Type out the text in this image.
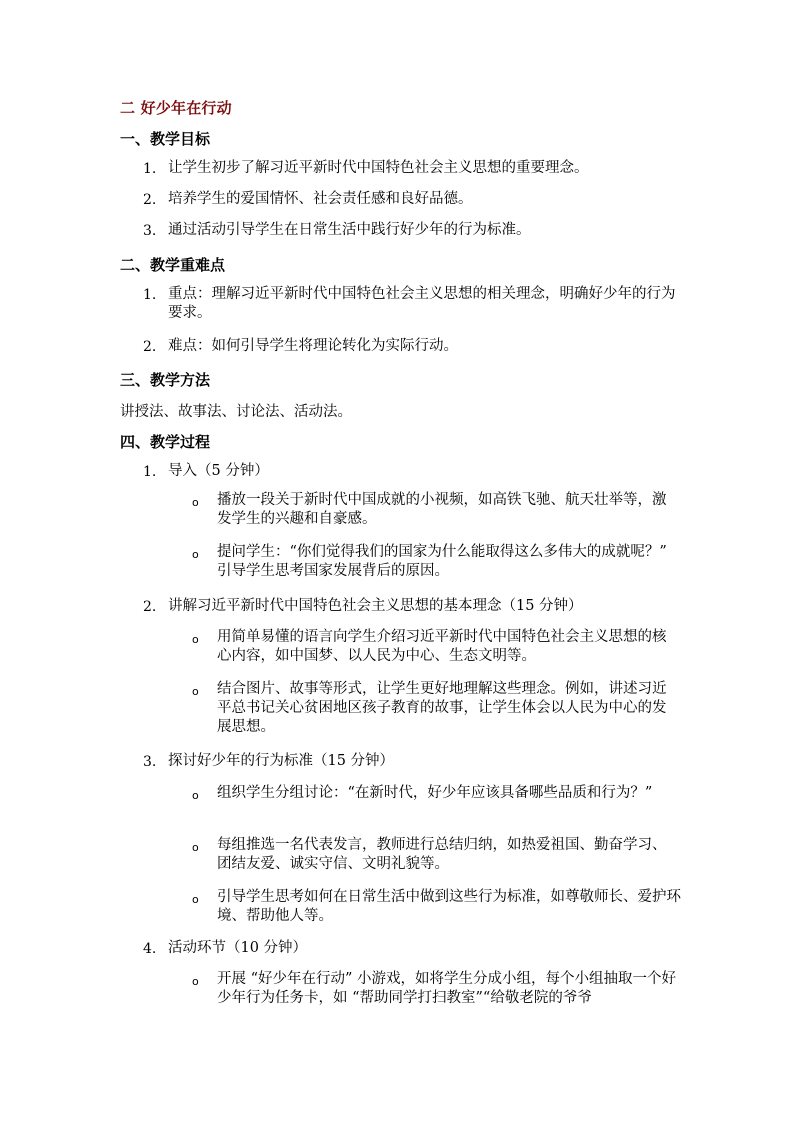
二 好少年在行动
一、教学目标
1. 让学生初步了解习近平新时代中国特色社会主义思想的重要理念。
2. 培养学生的爱国情怀、社会责任感和良好品德。
3. 通过活动引导学生在日常生活中践行好少年的行为标准。
二、教学重难点
1. 重点：理解习近平新时代中国特色社会主义思想的相关理念，明确好少年的行为要求。
2. 难点：如何引导学生将理论转化为实际行动。
三、教学方法
讲授法、故事法、讨论法、活动法。
四、教学过程
1. 导入（5 分钟）
o 播放一段关于新时代中国成就的小视频，如高铁飞驰、航天壮举等，激发学生的兴趣和自豪感。
o 提问学生：“你们觉得我们的国家为什么能取得这么多伟大的成就呢？” 引导学生思考国家发展背后的原因。
2. 讲解习近平新时代中国特色社会主义思想的基本理念（15 分钟）
o 用简单易懂的语言向学生介绍习近平新时代中国特色社会主义思想的核心内容，如中国梦、以人民为中心、生态文明等。
o 结合图片、故事等形式，让学生更好地理解这些理念。例如，讲述习近平总书记关心贫困地区孩子教育的故事，让学生体会以人民为中心的发展思想。
3. 探讨好少年的行为标准（15 分钟）
o 组织学生分组讨论：“在新时代，好少年应该具备哪些品质和行为？”
o 每组推选一名代表发言，教师进行总结归纳，如热爱祖国、勤奋学习、团结友爱、诚实守信、文明礼貌等。
o 引导学生思考如何在日常生活中做到这些行为标准，如尊敬师长、爱护环境、帮助他人等。
4. 活动环节（10 分钟）
o 开展 “好少年在行动” 小游戏，如将学生分成小组，每个小组抽取一个好少年行为任务卡，如 “帮助同学打扫教室”“给敬老院的爷爷
